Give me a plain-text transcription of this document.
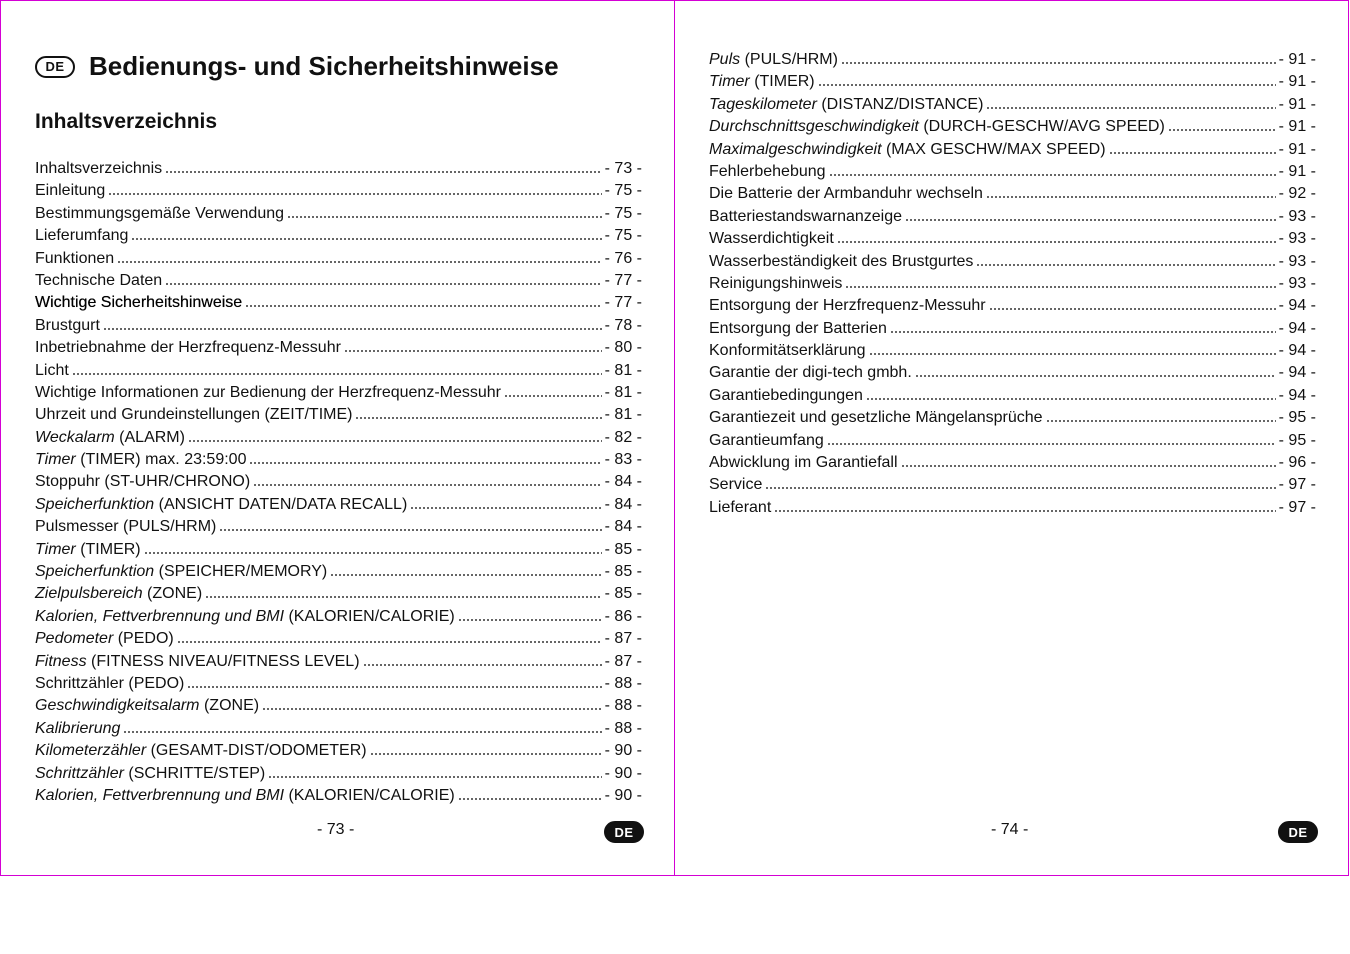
DE Bedienungs- und Sicherheitshinweise
Inhaltsverzeichnis
Inhaltsverzeichnis	- 73 -
Einleitung	- 75 -
Bestimmungsgemäße Verwendung	- 75 -
Lieferumfang	- 75 -
Funktionen	- 76 -
Technische Daten	- 77 -
Wichtige Sicherheitshinweise	- 77 -
Brustgurt	- 78 -
Inbetriebnahme der Herzfrequenz-Messuhr	- 80 -
Licht	- 81 -
Wichtige Informationen zur Bedienung der Herzfrequenz-Messuhr	- 81 -
Uhrzeit und Grundeinstellungen (ZEIT/TIME)	- 81 -
Weckalarm (ALARM)	- 82 -
Timer (TIMER) max. 23:59:00	- 83 -
Stoppuhr (ST-UHR/CHRONO)	- 84 -
Speicherfunktion (ANSICHT DATEN/DATA RECALL)	- 84 -
Pulsmesser (PULS/HRM)	- 84 -
Timer (TIMER)	- 85 -
Speicherfunktion (SPEICHER/MEMORY)	- 85 -
Zielpulsbereich (ZONE)	- 85 -
Kalorien, Fettverbrennung und BMI (KALORIEN/CALORIE)	- 86 -
Pedometer (PEDO)	- 87 -
Fitness (FITNESS NIVEAU/FITNESS LEVEL)	- 87 -
Schrittzähler (PEDO)	- 88 -
Geschwindigkeitsalarm (ZONE)	- 88 -
Kalibrierung	- 88 -
Kilometerzähler (GESAMT-DIST/ODOMETER)	- 90 -
Schrittzähler (SCHRITTE/STEP)	- 90 -
Kalorien, Fettverbrennung und BMI (KALORIEN/CALORIE)	- 90 -
- 73 -	DE
Puls (PULS/HRM)	- 91 -
Timer (TIMER)	- 91 -
Tageskilometer (DISTANZ/DISTANCE)	- 91 -
Durchschnittsgeschwindigkeit (DURCH-GESCHW/AVG SPEED)	- 91 -
Maximalgeschwindigkeit (MAX GESCHW/MAX SPEED)	- 91 -
Fehlerbehebung	- 91 -
Die Batterie der Armbanduhr wechseln	- 92 -
Batteriestandswarnanzeige	- 93 -
Wasserdichtigkeit	- 93 -
Wasserbeständigkeit des Brustgurtes	- 93 -
Reinigungshinweis	- 93 -
Entsorgung der Herzfrequenz-Messuhr	- 94 -
Entsorgung der Batterien	- 94 -
Konformitätserklärung	- 94 -
Garantie der digi-tech gmbh.	- 94 -
Garantiebedingungen	- 94 -
Garantiezeit und gesetzliche Mängelansprüche	- 95 -
Garantieumfang	- 95 -
Abwicklung im Garantiefall	- 96 -
Service	- 97 -
Lieferant	- 97 -
- 74 -	DE
